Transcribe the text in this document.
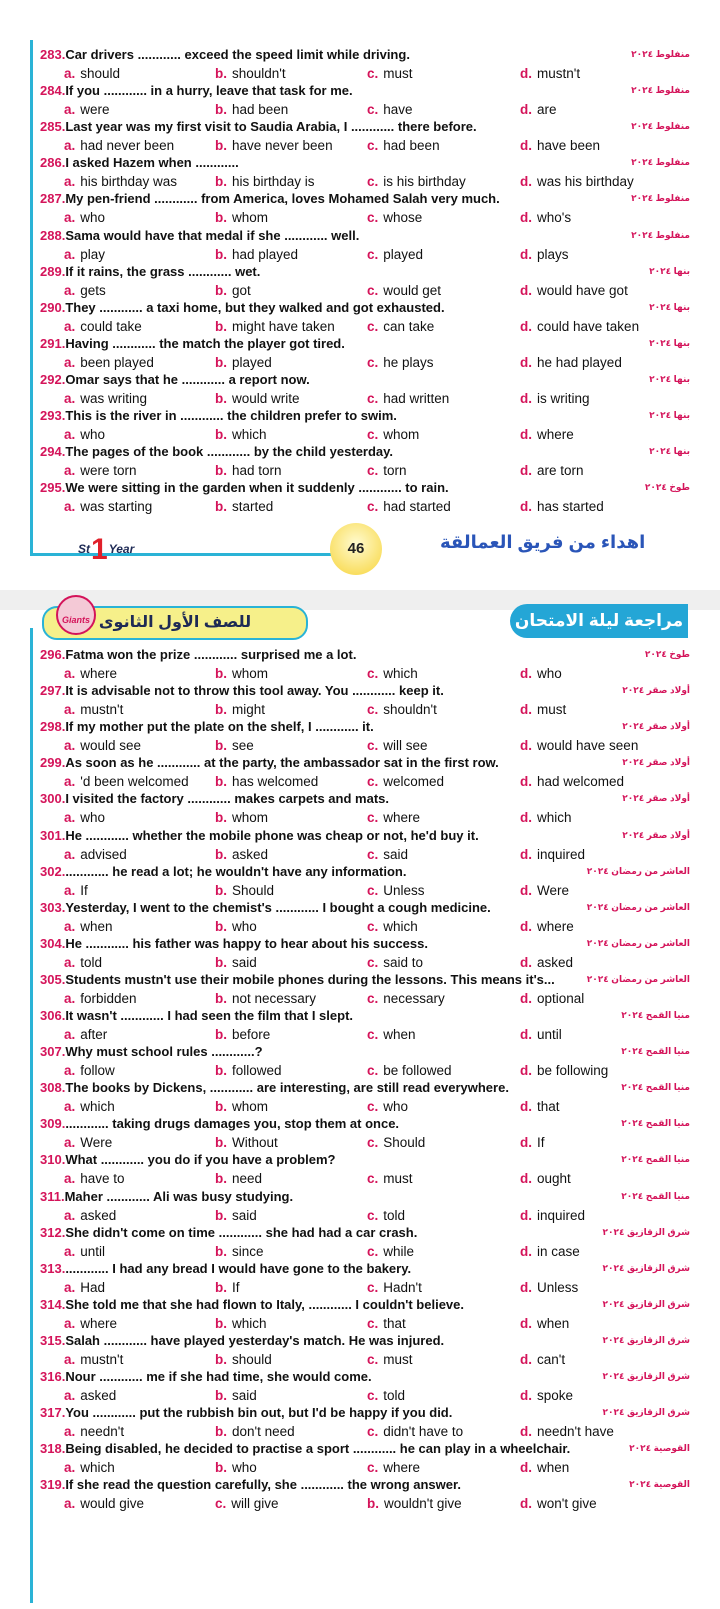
283.Car drivers ............ exceed the speed limit while driving.	منفلوط ٢٠٢٤
a. should	b. shouldn't	c. must	d. mustn't
284.If you ............ in a hurry, leave that task for me.	منفلوط ٢٠٢٤
a. were	b. had been	c. have	d. are
285.Last year was my first visit to Saudia Arabia, I ............ there before.	منفلوط ٢٠٢٤
a. had never been	b. have never been	c. had been	d. have been
286.I asked Hazem when ............	منفلوط ٢٠٢٤
a. his birthday was	b. his birthday is	c. is his birthday	d. was his birthday
287.My pen-friend ............ from America, loves Mohamed Salah very much.	منفلوط ٢٠٢٤
a. who	b. whom	c. whose	d. who's
288.Sama would have that medal if she ............ well.	منفلوط ٢٠٢٤
a. play	b. had played	c. played	d. plays
289.If it rains, the grass ............ wet.	بنها ٢٠٢٤
a. gets	b. got	c. would get	d. would have got
290.They ............ a taxi home, but they walked and got exhausted.	بنها ٢٠٢٤
a. could take	b. might have taken c. can take	d. could have taken
291.Having ............ the match the player got tired.	بنها ٢٠٢٤
a. been played	b. played	c. he plays	d. he had played
292.Omar says that he ............ a report now.	بنها ٢٠٢٤
a. was writing	b. would write	c. had written	d. is writing
293.This is the river in ............ the children prefer to swim.	بنها ٢٠٢٤
a. who	b. which	c. whom	d. where
294.The pages of the book ............ by the child yesterday.	بنها ٢٠٢٤
a. were torn	b. had torn	c. torn	d. are torn
295.We were sitting in the garden when it suddenly ............ to rain.	طوخ ٢٠٢٤
a. was starting	b. started	c. had started	d. has started
296.Fatma won the prize ............ surprised me a lot.	طوخ ٢٠٢٤
a. where	b. whom	c. which	d. who
297.It is advisable not to throw this tool away. You ............ keep it.	أولاد صقر ٢٠٢٤
a. mustn't	b. might	c. shouldn't	d. must
298.If my mother put the plate on the shelf, I ............ it.	أولاد صقر ٢٠٢٤
a. would see	b. see	c. will see	d. would have seen
299.As soon as he ............ at the party, the ambassador sat in the first row.	أولاد صقر ٢٠٢٤
a. 'd been welcomed b. has welcomed	c. welcomed	d. had welcomed
300.I visited the factory ............ makes carpets and mats.	أولاد صقر ٢٠٢٤
a. who	b. whom	c. where	d. which
301.He ............ whether the mobile phone was cheap or not, he'd buy it.	أولاد صقر ٢٠٢٤
a. advised	b. asked	c. said	d. inquired
302............. he read a lot; he wouldn't have any information.	العاشر من رمضان ٢٠٢٤
a. If	b. Should	c. Unless	d. Were
303.Yesterday, I went to the chemist's ............ I bought a cough medicine.	العاشر من رمضان ٢٠٢٤
a. when	b. who	c. which	d. where
304.He ............ his father was happy to hear about his success.	العاشر من رمضان ٢٠٢٤
a. told	b. said	c. said to	d. asked
305.Students mustn't use their mobile phones during the lessons. This means it's...	العاشر من رمضان ٢٠٢٤
a. forbidden	b. not necessary	c. necessary	d. optional
306.It wasn't ............ I had seen the film that I slept.	منيا القمح ٢٠٢٤
a. after	b. before	c. when	d. until
307.Why must school rules ............?	منيا القمح ٢٠٢٤
a. follow	b. followed	c. be followed	d. be following
308.The books by Dickens, ............ are interesting, are still read everywhere.	منيا القمح ٢٠٢٤
a. which	b. whom	c. who	d. that
309............. taking drugs damages you, stop them at once.	منيا القمح ٢٠٢٤
a. Were	b. Without	c. Should	d. If
310.What ............ you do if you have a problem?	منيا القمح ٢٠٢٤
a. have to	b. need	c. must	d. ought
311.Maher ............ Ali was busy studying.	منيا القمح ٢٠٢٤
a. asked	b. said	c. told	d. inquired
312.She didn't come on time ............ she had had a car crash.	شرق الزقازيق ٢٠٢٤
a. until	b. since	c. while	d. in case
313............. I had any bread I would have gone to the bakery.	شرق الزقازيق ٢٠٢٤
a. Had	b. If	c. Hadn't	d. Unless
314.She told me that she had flown to Italy, ............ I couldn't believe.	شرق الزقازيق ٢٠٢٤
a. where	b. which	c. that	d. when
315.Salah ............ have played yesterday's match. He was injured.	شرق الزقازيق ٢٠٢٤
a. mustn't	b. should	c. must	d. can't
316.Nour ............ me if she had time, she would come.	شرق الزقازيق ٢٠٢٤
a. asked	b. said	c. told	d. spoke
317.You ............ put the rubbish bin out, but I'd be happy if you did.	شرق الزقازيق ٢٠٢٤
a. needn't	b. don't need	c. didn't have to	d. needn't have
318.Being disabled, he decided to practise a sport ............ he can play in a wheelchair.	القوصية ٢٠٢٤
a. which	b. who	c. where	d. when
319.If she read the question carefully, she ............ the wrong answer.	القوصية ٢٠٢٤
a. would give	c. will give	b. wouldn't give	d. won't give
St1Year	46	اهداء من فريق العمالقة
للصف الأول الثانوى
Giants	مراجعة ليلة الامتحان
